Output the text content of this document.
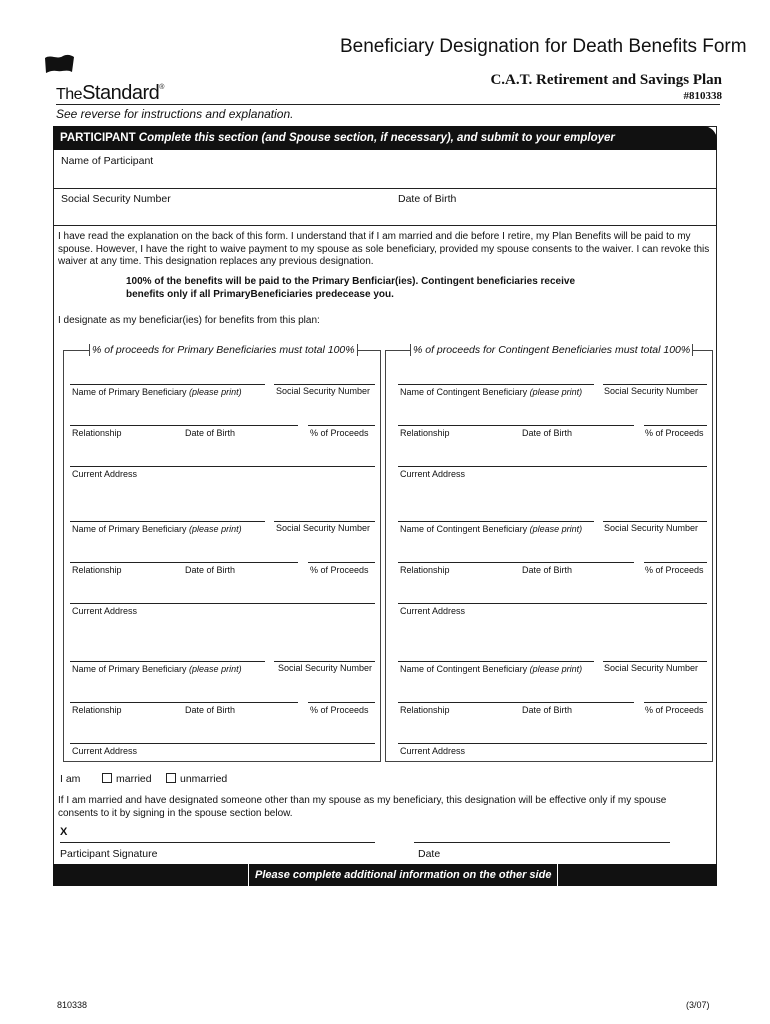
TheStandard®
Beneficiary Designation for Death Benefits Form
C.A.T. Retirement and Savings Plan
#810338
See reverse for instructions and explanation.
PARTICIPANT Complete this section (and Spouse section, if necessary), and submit to your employer
Name of Participant
Social Security Number	Date of Birth
I have read the explanation on the back of this form. I understand that if I am married and die before I retire, my Plan Benefits will be paid to my spouse. However, I have the right to waive payment to my spouse as sole beneficiary, provided my spouse consents to the waiver. I can revoke this waiver at any time. This designation replaces any previous designation.
100% of the benefits will be paid to the Primary Benficiar(ies). Contingent beneficiaries receive
benefits only if all PrimaryBeneficiaries predecease you.
I designate as my beneficiar(ies) for benefits from this plan:
% of proceeds for Primary Beneficiaries must total 100%	% of proceeds for Contingent Beneficiaries must total 100%
Name of Primary Beneficiary (please print)	Social Security Number
Relationship	Date of Birth	% of Proceeds
Current Address
Name of Primary Beneficiary (please print)	Social Security Number
Relationship	Date of Birth	% of Proceeds
Current Address
Name of Primary Beneficiary (please print)	Social Security Number
Relationship	Date of Birth	% of Proceeds
Current Address
Name of Contingent Beneficiary (please print) Social Security Number
Relationship	Date of Birth	% of Proceeds
Current Address
Name of Contingent Beneficiary (please print) Social Security Number
Relationship	Date of Birth	% of Proceeds
Current Address
Name of Contingent Beneficiary (please print) Social Security Number
Relationship	Date of Birth	% of Proceeds
Current Address
I am	married	unmarried
If I am married and have designated someone other than my spouse as my beneficiary, this designation will be effective only if my spouse consents to it by signing in the spouse section below.
X
Participant Signature	Date
Please complete additional information on the other side
810338	(3/07)
